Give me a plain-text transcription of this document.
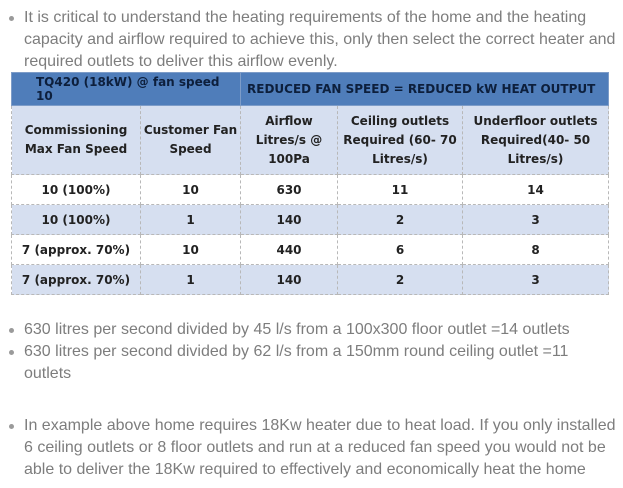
It is critical to understand the heating requirements of the home and the heating capacity and airflow required to achieve this, only then select the correct heater and required outlets to deliver this airflow evenly.
TQ420 (18kW) @ fan speed 10		REDUCED FAN SPEED = REDUCED kW HEAT OUTPUT		
Commissioning Max Fan Speed	Customer Fan Speed	Airflow Litres/s @ 100Pa	Ceiling outlets Required (60- 70 Litres/s)	Underfloor outlets Required(40- 50 Litres/s)
10 (100%)	10	630	11	14
10 (100%)	1	140	2	3
7 (approx. 70%)	10	440	6	8
7 (approx. 70%)	1	140	2	3
630 litres per second divided by 45 l/s from a 100x300 floor outlet =14 outlets
630 litres per second divided by 62 l/s from a 150mm round ceiling outlet =11 outlets
In example above home requires 18Kw heater due to heat load. If you only installed 6 ceiling outlets or 8 floor outlets and run at a reduced fan speed you would not be able to deliver the 18Kw required to effectively and economically heat the home
